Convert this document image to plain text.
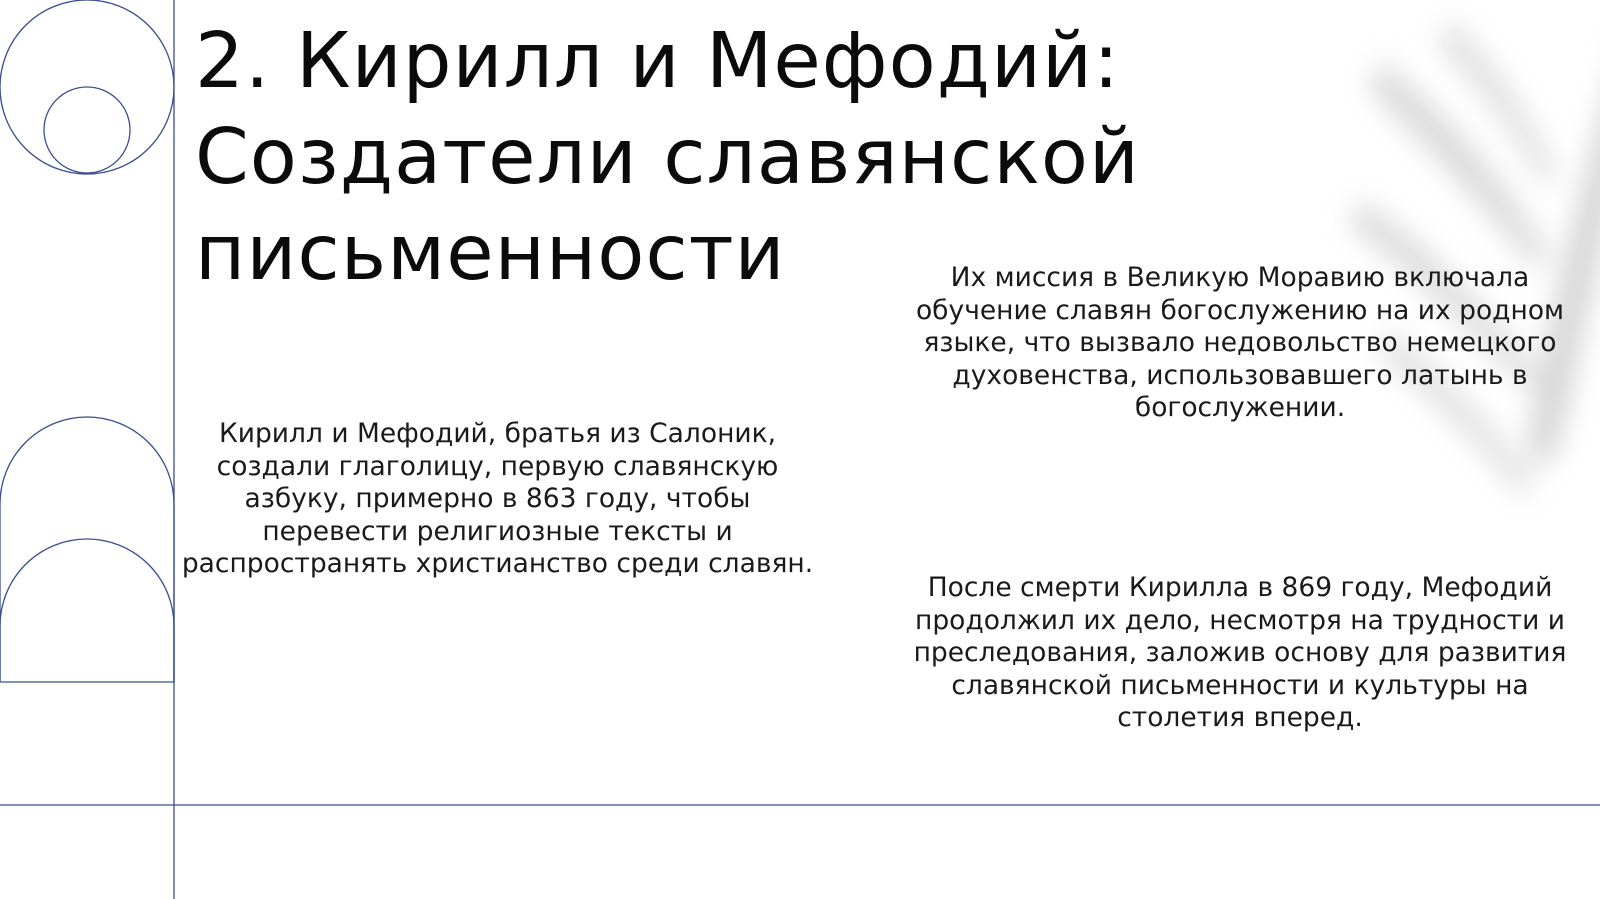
2. Кирилл и Мефодий:
Создатели славянской
письменности

Кирилл и Мефодий, братья из Салоник, создали глаголицу, первую славянскую азбуку, примерно в 863 году, чтобы перевести религиозные тексты и распространять христианство среди славян.

Их миссия в Великую Моравию включала обучение славян богослужению на их родном языке, что вызвало недовольство немецкого духовенства, использовавшего латынь в богослужении.

После смерти Кирилла в 869 году, Мефодий продолжил их дело, несмотря на трудности и преследования, заложив основу для развития славянской письменности и культуры на столетия вперед.
